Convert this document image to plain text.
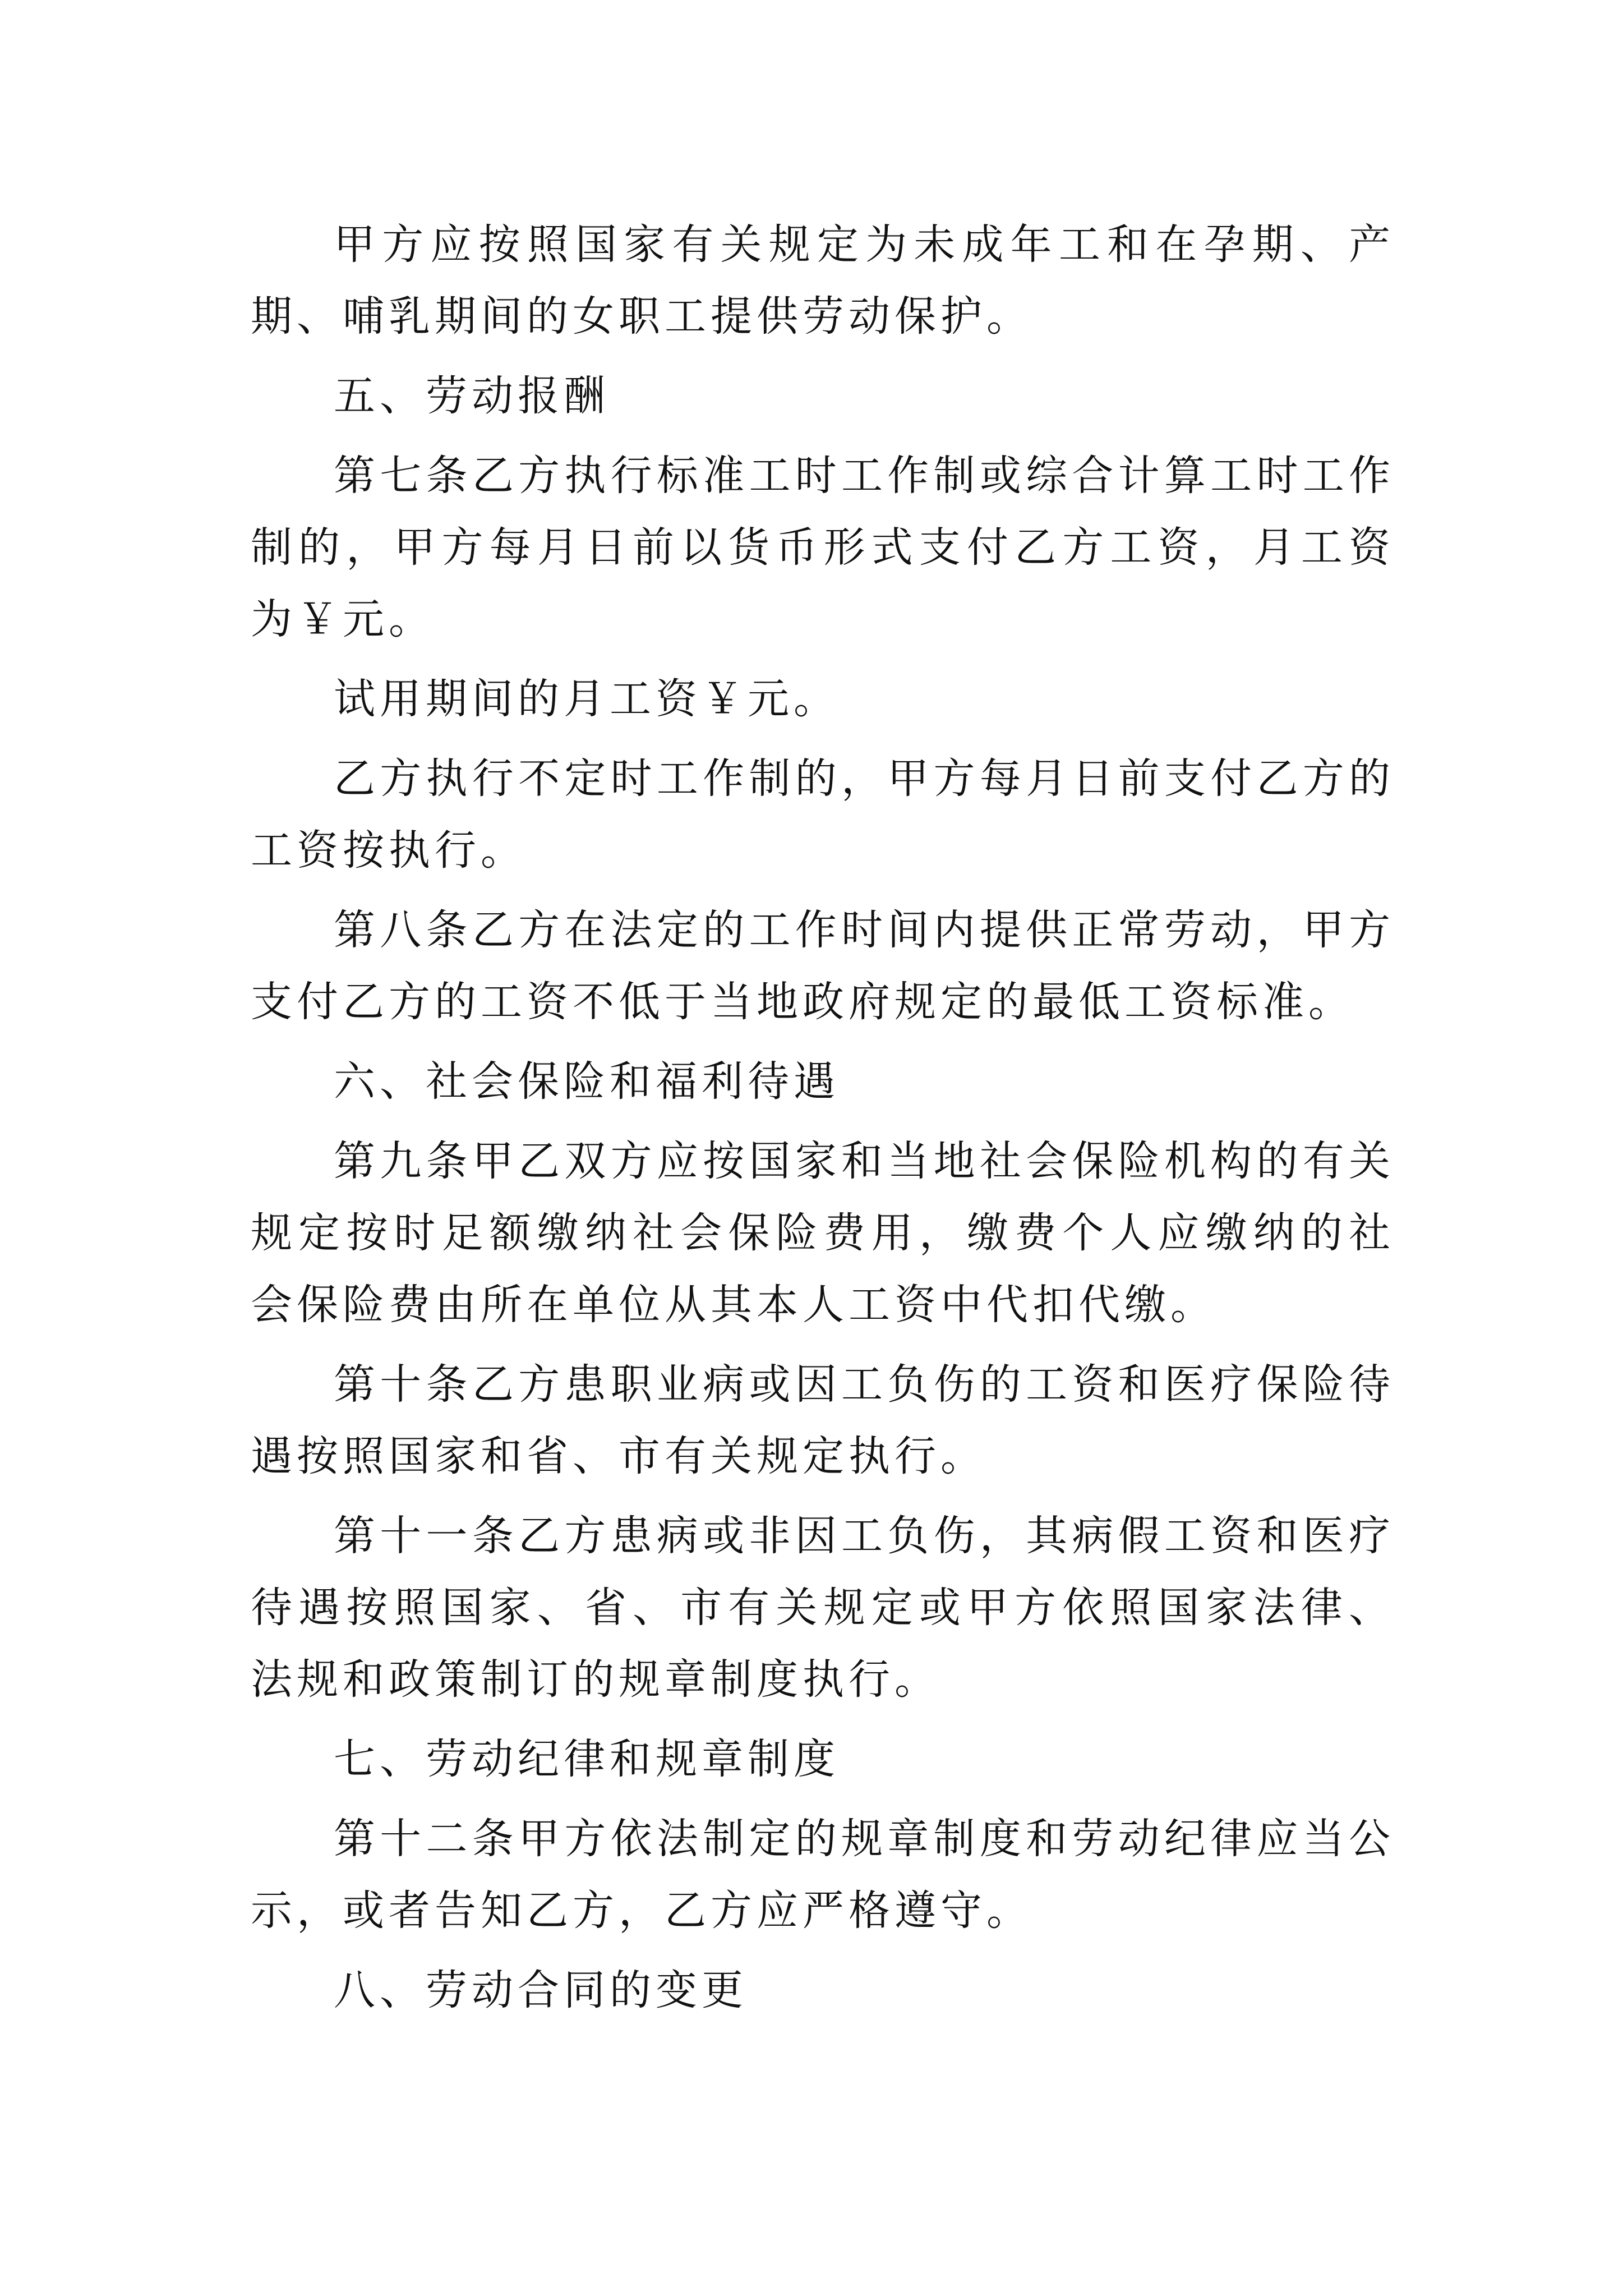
甲方应按照国家有关规定为未成年工和在孕期、产期、哺乳期间的女职工提供劳动保护。

五、劳动报酬

第七条乙方执行标准工时工作制或综合计算工时工作制的，甲方每月日前以货币形式支付乙方工资，月工资为￥元。

试用期间的月工资￥元。

乙方执行不定时工作制的，甲方每月日前支付乙方的工资按执行。

第八条乙方在法定的工作时间内提供正常劳动，甲方支付乙方的工资不低于当地政府规定的最低工资标准。

六、社会保险和福利待遇

第九条甲乙双方应按国家和当地社会保险机构的有关规定按时足额缴纳社会保险费用，缴费个人应缴纳的社会保险费由所在单位从其本人工资中代扣代缴。

第十条乙方患职业病或因工负伤的工资和医疗保险待遇按照国家和省、市有关规定执行。

第十一条乙方患病或非因工负伤，其病假工资和医疗待遇按照国家、省、市有关规定或甲方依照国家法律、法规和政策制订的规章制度执行。

七、劳动纪律和规章制度

第十二条甲方依法制定的规章制度和劳动纪律应当公示，或者告知乙方，乙方应严格遵守。

八、劳动合同的变更
